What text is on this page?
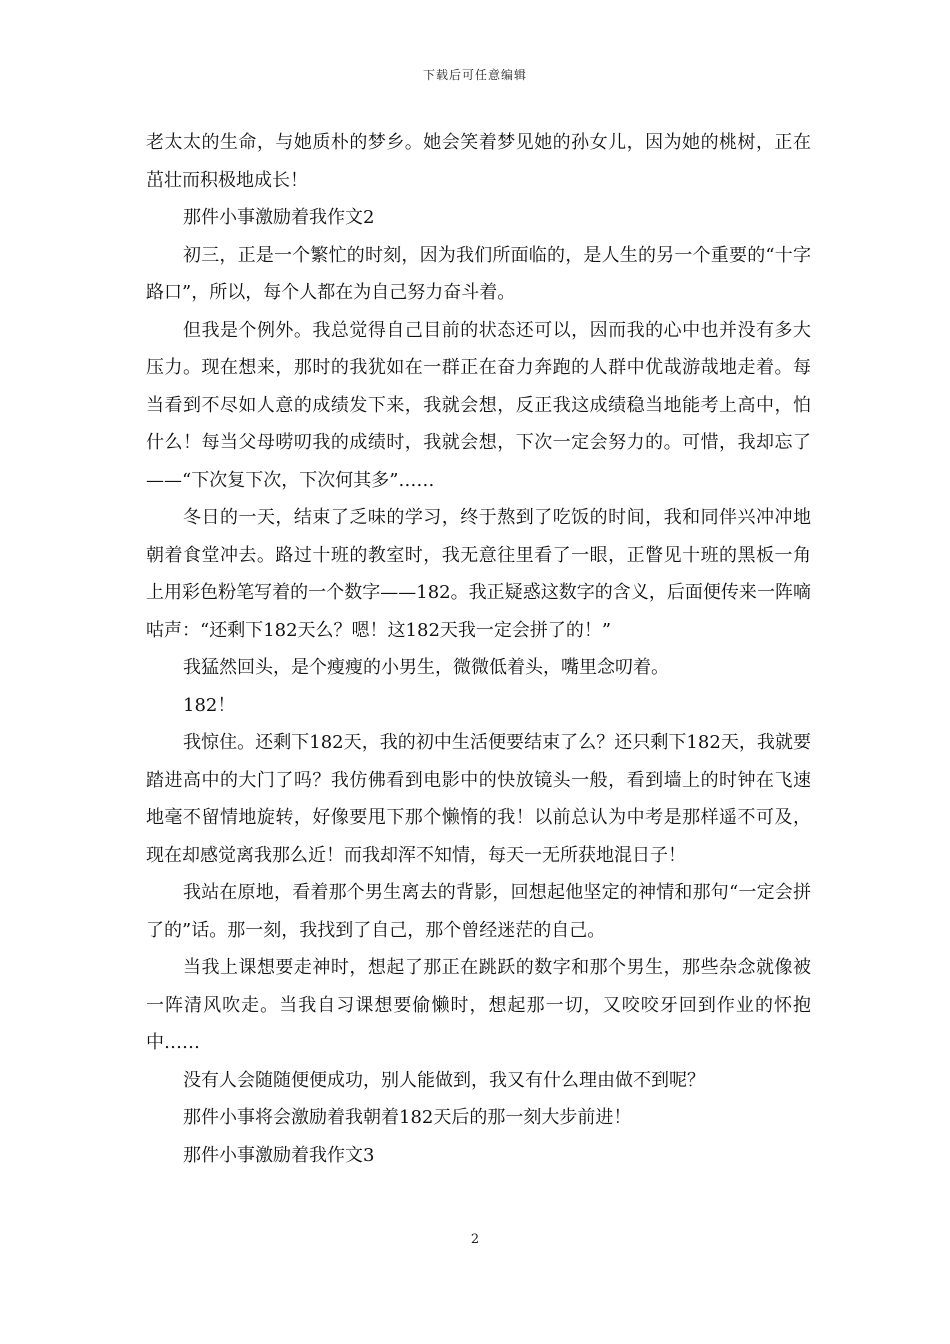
下载后可任意编辑

老太太的生命，与她质朴的梦乡。她会笑着梦见她的孙女儿，因为她的桃树，正在茁壮而积极地成长！

那件小事激励着我作文2

初三，正是一个繁忙的时刻，因为我们所面临的，是人生的另一个重要的“十字路口”，所以，每个人都在为自己努力奋斗着。

但我是个例外。我总觉得自己目前的状态还可以，因而我的心中也并没有多大压力。现在想来，那时的我犹如在一群正在奋力奔跑的人群中优哉游哉地走着。每当看到不尽如人意的成绩发下来，我就会想，反正我这成绩稳当地能考上高中，怕什么！每当父母唠叨我的成绩时，我就会想，下次一定会努力的。可惜，我却忘了——“下次复下次，下次何其多”……

冬日的一天，结束了乏味的学习，终于熬到了吃饭的时间，我和同伴兴冲冲地朝着食堂冲去。路过十班的教室时，我无意往里看了一眼，正瞥见十班的黑板一角上用彩色粉笔写着的一个数字——182。我正疑惑这数字的含义，后面便传来一阵嘀咕声：“还剩下182天么？嗯！这182天我一定会拼了的！”

我猛然回头，是个瘦瘦的小男生，微微低着头，嘴里念叨着。

182！

我惊住。还剩下182天，我的初中生活便要结束了么？还只剩下182天，我就要踏进高中的大门了吗？我仿佛看到电影中的快放镜头一般，看到墙上的时钟在飞速地毫不留情地旋转，好像要甩下那个懒惰的我！以前总认为中考是那样遥不可及，现在却感觉离我那么近！而我却浑不知情，每天一无所获地混日子！

我站在原地，看着那个男生离去的背影，回想起他坚定的神情和那句“一定会拼了的”话。那一刻，我找到了自己，那个曾经迷茫的自己。

当我上课想要走神时，想起了那正在跳跃的数字和那个男生，那些杂念就像被一阵清风吹走。当我自习课想要偷懒时，想起那一切，又咬咬牙回到作业的怀抱中……

没有人会随随便便成功，别人能做到，我又有什么理由做不到呢？

那件小事将会激励着我朝着182天后的那一刻大步前进！

那件小事激励着我作文3

2
